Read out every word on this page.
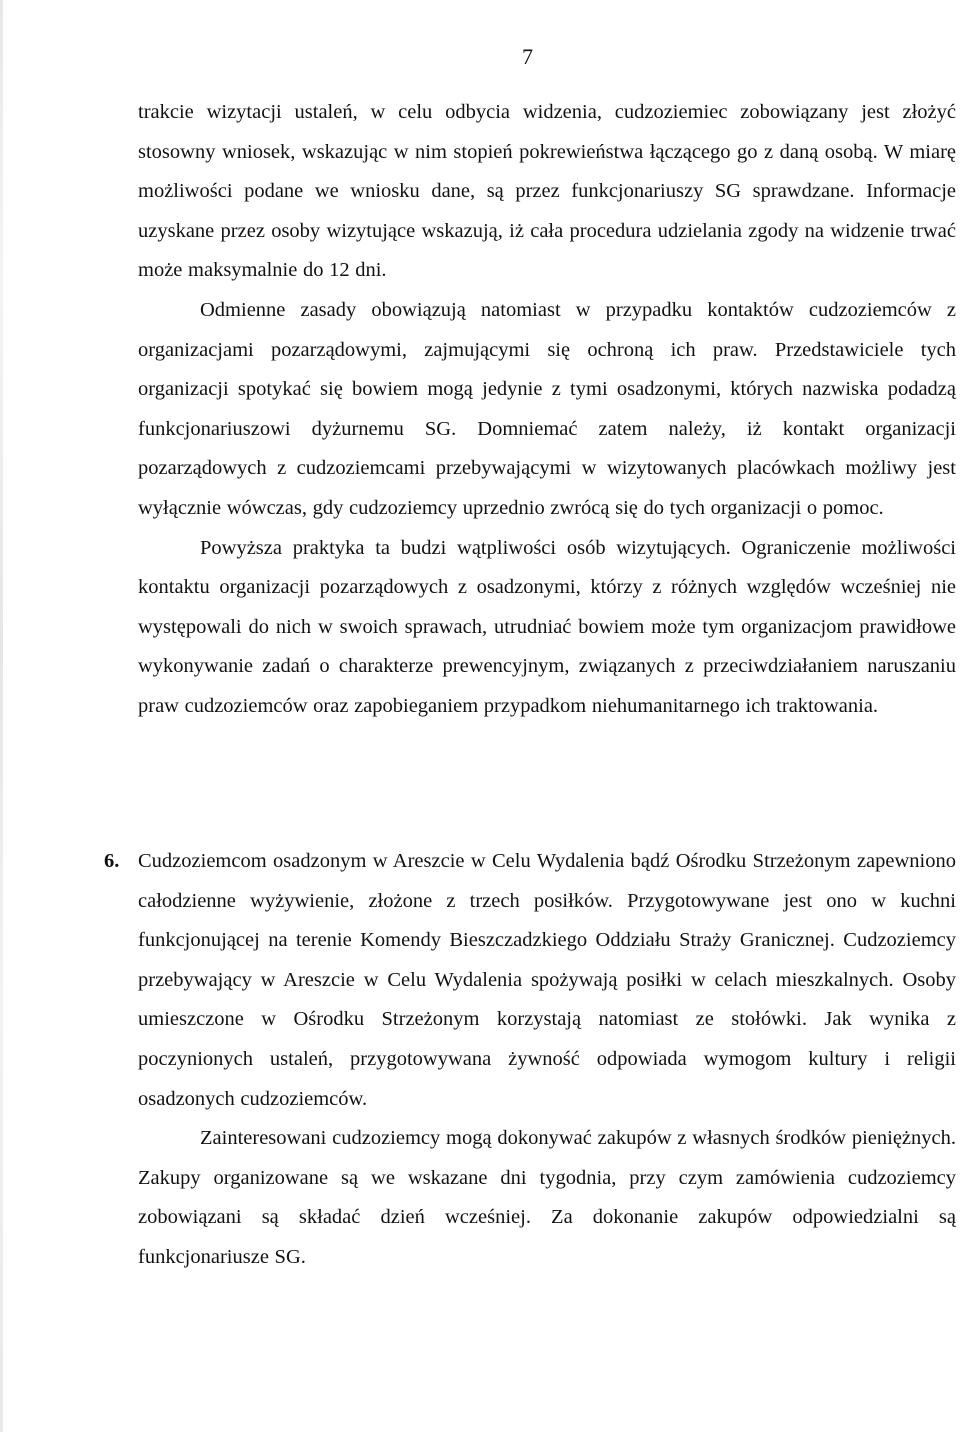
7

trakcie wizytacji ustaleń, w celu odbycia widzenia, cudzoziemiec zobowiązany jest złożyć stosowny wniosek, wskazując w nim stopień pokrewieństwa łączącego go z daną osobą. W miarę możliwości podane we wniosku dane, są przez funkcjonariuszy SG sprawdzane. Informacje uzyskane przez osoby wizytujące wskazują, iż cała procedura udzielania zgody na widzenie trwać może maksymalnie do 12 dni.

Odmienne zasady obowiązują natomiast w przypadku kontaktów cudzoziemców z organizacjami pozarządowymi, zajmującymi się ochroną ich praw. Przedstawiciele tych organizacji spotykać się bowiem mogą jedynie z tymi osadzonymi, których nazwiska podadzą funkcjonariuszowi dyżurnemu SG. Domniemać zatem należy, iż kontakt organizacji pozarządowych z cudzoziemcami przebywającymi w wizytowanych placówkach możliwy jest wyłącznie wówczas, gdy cudzoziemcy uprzednio zwrócą się do tych organizacji o pomoc.

Powyższa praktyka ta budzi wątpliwości osób wizytujących. Ograniczenie możliwości kontaktu organizacji pozarządowych z osadzonymi, którzy z różnych względów wcześniej nie występowali do nich w swoich sprawach, utrudniać bowiem może tym organizacjom prawidłowe wykonywanie zadań o charakterze prewencyjnym, związanych z przeciwdziałaniem naruszaniu praw cudzoziemców oraz zapobieganiem przypadkom niehumanitarnego ich traktowania.

6. Cudzoziemcom osadzonym w Areszcie w Celu Wydalenia bądź Ośrodku Strzeżonym zapewniono całodzienne wyżywienie, złożone z trzech posiłków. Przygotowywane jest ono w kuchni funkcjonującej na terenie Komendy Bieszczadzkiego Oddziału Straży Granicznej. Cudzoziemcy przebywający w Areszcie w Celu Wydalenia spożywają posiłki w celach mieszkalnych. Osoby umieszczone w Ośrodku Strzeżonym korzystają natomiast ze stołówki. Jak wynika z poczynionych ustaleń, przygotowywana żywność odpowiada wymogom kultury i religii osadzonych cudzoziemców.

Zainteresowani cudzoziemcy mogą dokonywać zakupów z własnych środków pieniężnych. Zakupy organizowane są we wskazane dni tygodnia, przy czym zamówienia cudzoziemcy zobowiązani są składać dzień wcześniej. Za dokonanie zakupów odpowiedzialni są funkcjonariusze SG.
